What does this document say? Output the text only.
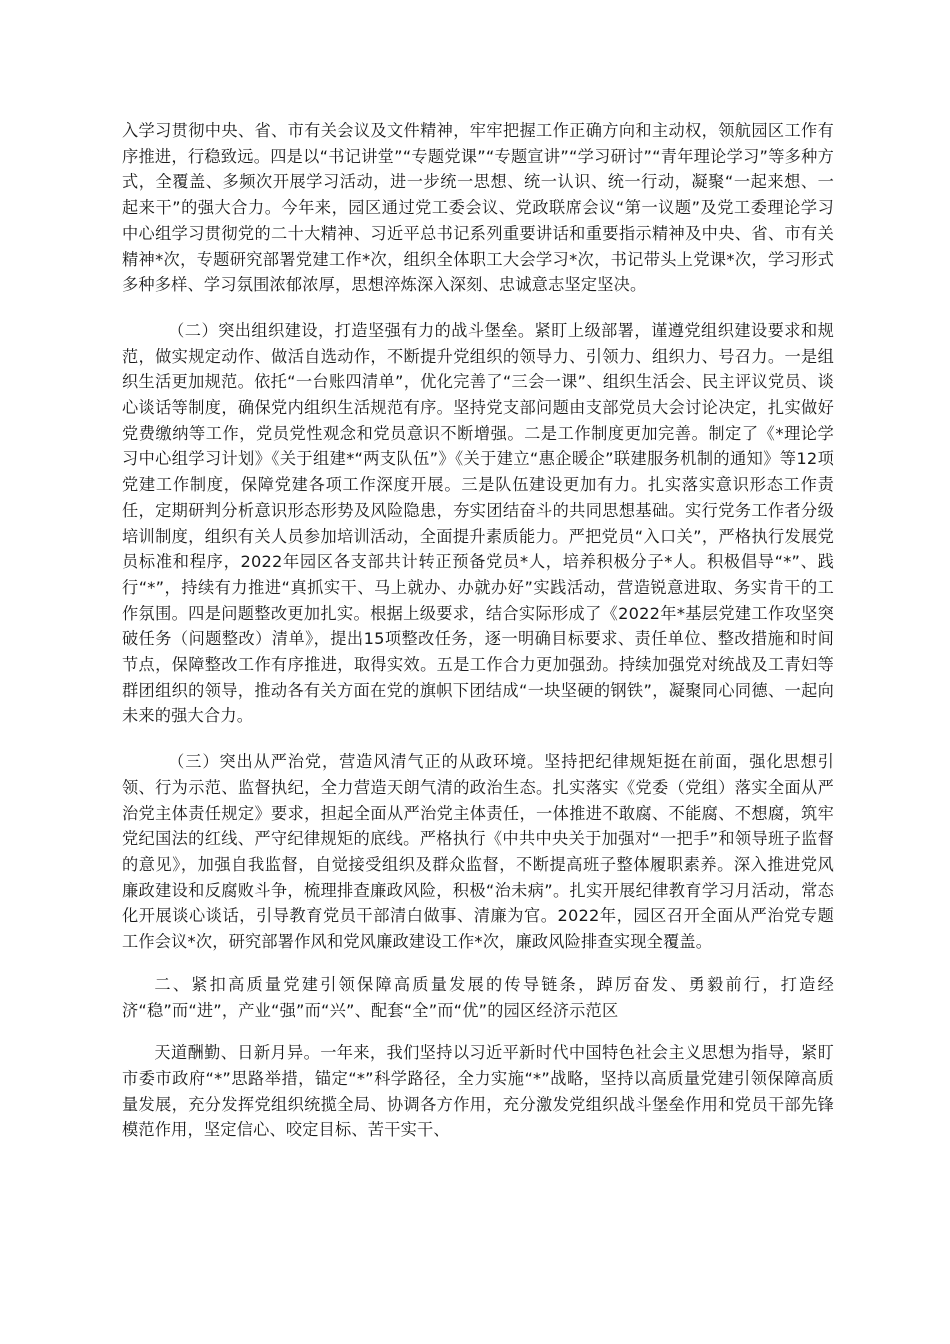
入学习贯彻中央、省、市有关会议及文件精神，牢牢把握工作正确方向和主动权，领航园区工作有序推进，行稳致远。四是以“书记讲堂”“专题党课”“专题宣讲”“学习研讨”“青年理论学习”等多种方式，全覆盖、多频次开展学习活动，进一步统一思想、统一认识、统一行动，凝聚“一起来想、一起来干”的强大合力。今年来，园区通过党工委会议、党政联席会议“第一议题”及党工委理论学习中心组学习贯彻党的二十大精神、习近平总书记系列重要讲话和重要指示精神及中央、省、市有关精神*次，专题研究部署党建工作*次，组织全体职工大会学习*次，书记带头上党课*次，学习形式多种多样、学习氛围浓郁浓厚，思想淬炼深入深刻、忠诚意志坚定坚决。

（二）突出组织建设，打造坚强有力的战斗堡垒。紧盯上级部署，谨遵党组织建设要求和规范，做实规定动作、做活自选动作，不断提升党组织的领导力、引领力、组织力、号召力。一是组织生活更加规范。依托“一台账四清单”，优化完善了“三会一课”、组织生活会、民主评议党员、谈心谈话等制度，确保党内组织生活规范有序。坚持党支部问题由支部党员大会讨论决定，扎实做好党费缴纳等工作，党员党性观念和党员意识不断增强。二是工作制度更加完善。制定了《*理论学习中心组学习计划》《关于组建*“两支队伍”》《关于建立“惠企暖企”联建服务机制的通知》等12项党建工作制度，保障党建各项工作深度开展。三是队伍建设更加有力。扎实落实意识形态工作责任，定期研判分析意识形态形势及风险隐患，夯实团结奋斗的共同思想基础。实行党务工作者分级培训制度，组织有关人员参加培训活动，全面提升素质能力。严把党员“入口关”，严格执行发展党员标准和程序，2022年园区各支部共计转正预备党员*人，培养积极分子*人。积极倡导“*”、践行“*”，持续有力推进“真抓实干、马上就办、办就办好”实践活动，营造锐意进取、务实肯干的工作氛围。四是问题整改更加扎实。根据上级要求，结合实际形成了《2022年*基层党建工作攻坚突破任务（问题整改）清单》，提出15项整改任务，逐一明确目标要求、责任单位、整改措施和时间节点，保障整改工作有序推进，取得实效。五是工作合力更加强劲。持续加强党对统战及工青妇等群团组织的领导，推动各有关方面在党的旗帜下团结成“一块坚硬的钢铁”，凝聚同心同德、一起向未来的强大合力。

（三）突出从严治党，营造风清气正的从政环境。坚持把纪律规矩挺在前面，强化思想引领、行为示范、监督执纪，全力营造天朗气清的政治生态。扎实落实《党委（党组）落实全面从严治党主体责任规定》要求，担起全面从严治党主体责任，一体推进不敢腐、不能腐、不想腐，筑牢党纪国法的红线、严守纪律规矩的底线。严格执行《中共中央关于加强对“一把手”和领导班子监督的意见》，加强自我监督，自觉接受组织及群众监督，不断提高班子整体履职素养。深入推进党风廉政建设和反腐败斗争，梳理排查廉政风险，积极“治未病”。扎实开展纪律教育学习月活动，常态化开展谈心谈话，引导教育党员干部清白做事、清廉为官。2022年，园区召开全面从严治党专题工作会议*次，研究部署作风和党风廉政建设工作*次，廉政风险排查实现全覆盖。

二、紧扣高质量党建引领保障高质量发展的传导链条，踔厉奋发、勇毅前行，打造经济“稳”而“进”，产业“强”而“兴”、配套“全”而“优”的园区经济示范区

天道酬勤、日新月异。一年来，我们坚持以习近平新时代中国特色社会主义思想为指导，紧盯市委市政府“*”思路举措，锚定“*”科学路径，全力实施“*”战略，坚持以高质量党建引领保障高质量发展，充分发挥党组织统揽全局、协调各方作用，充分激发党组织战斗堡垒作用和党员干部先锋模范作用，坚定信心、咬定目标、苦干实干、
